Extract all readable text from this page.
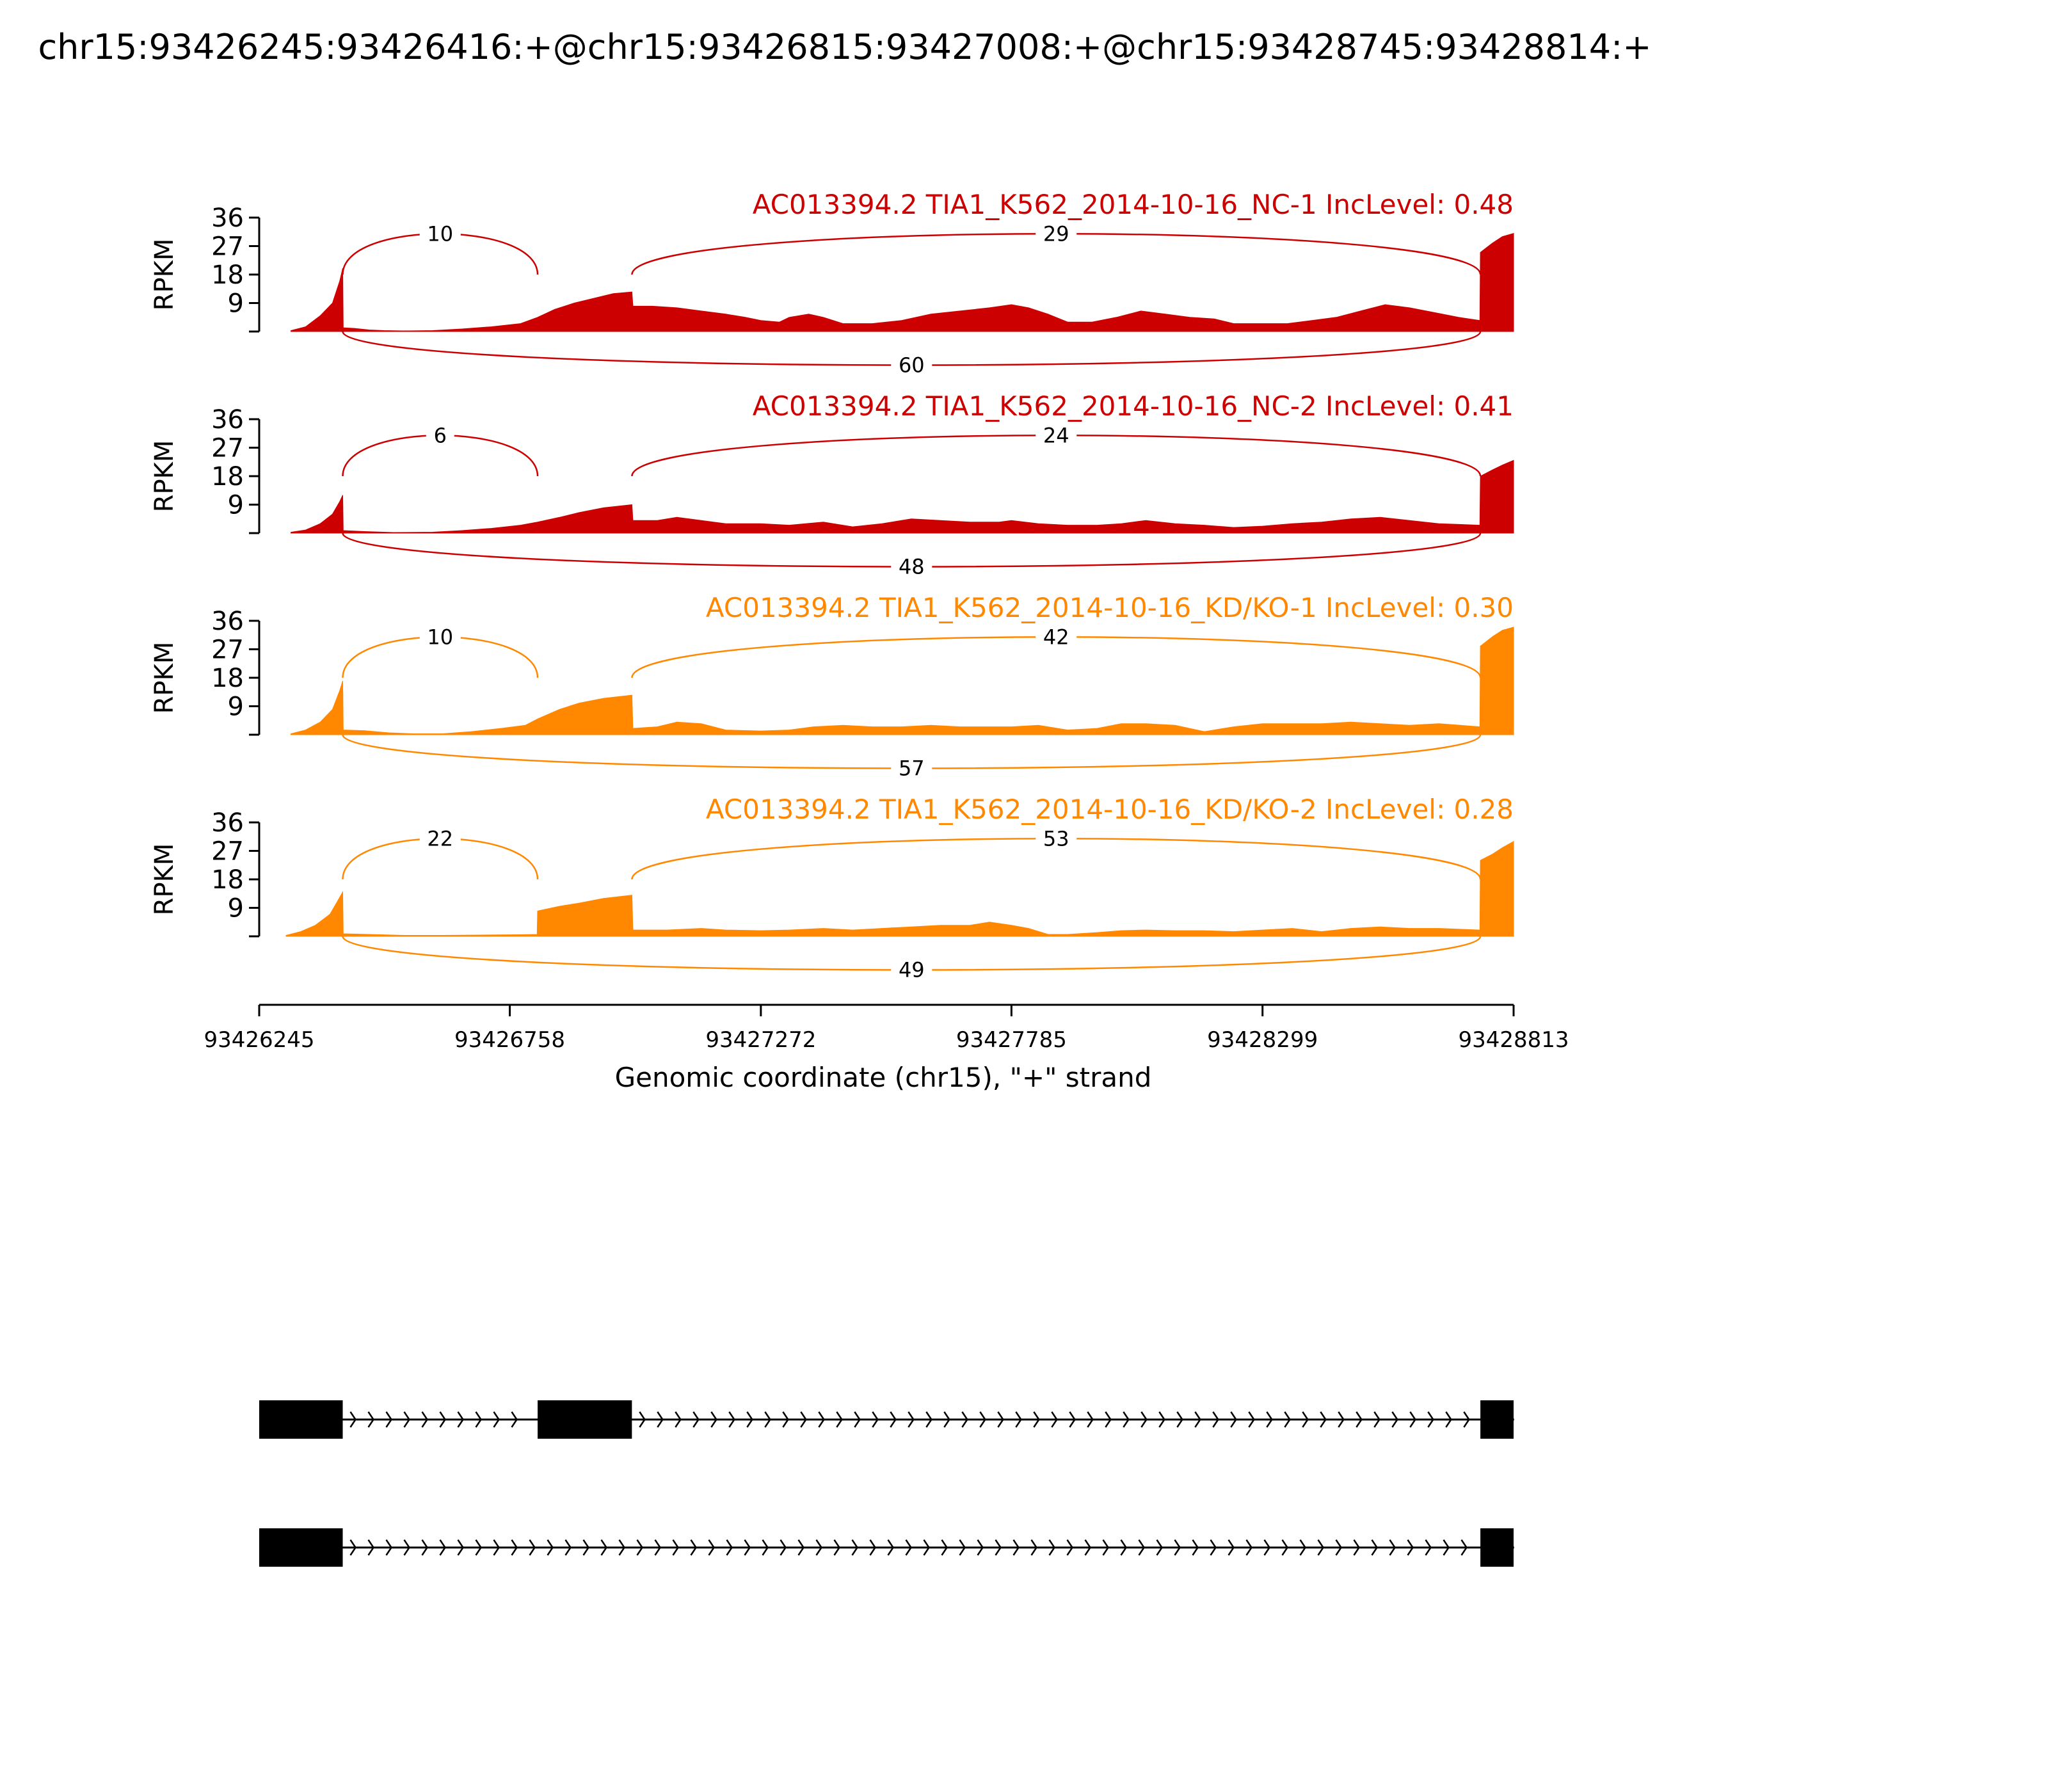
chr15:93426245:93426416:+@chr15:93426815:93427008:+@chr15:93428745:93428814:+
9
18
27
36
RPKM
AC013394.2 TIA1_K562_2014-10-16_NC-1 IncLevel: 0.48
10	29
60
9
18
27
36
RPKM
AC013394.2 TIA1_K562_2014-10-16_NC-2 IncLevel: 0.41
6	24
48
9
18
27
36
RPKM
AC013394.2 TIA1_K562_2014-10-16_KD/KO-1 IncLevel: 0.30
10	42
57
9
18
27
36
RPKM
AC013394.2 TIA1_K562_2014-10-16_KD/KO-2 IncLevel: 0.28
22	53
49
93426245	93426758	93427272	93427785	93428299	93428813
Genomic coordinate (chr15), "+" strand
